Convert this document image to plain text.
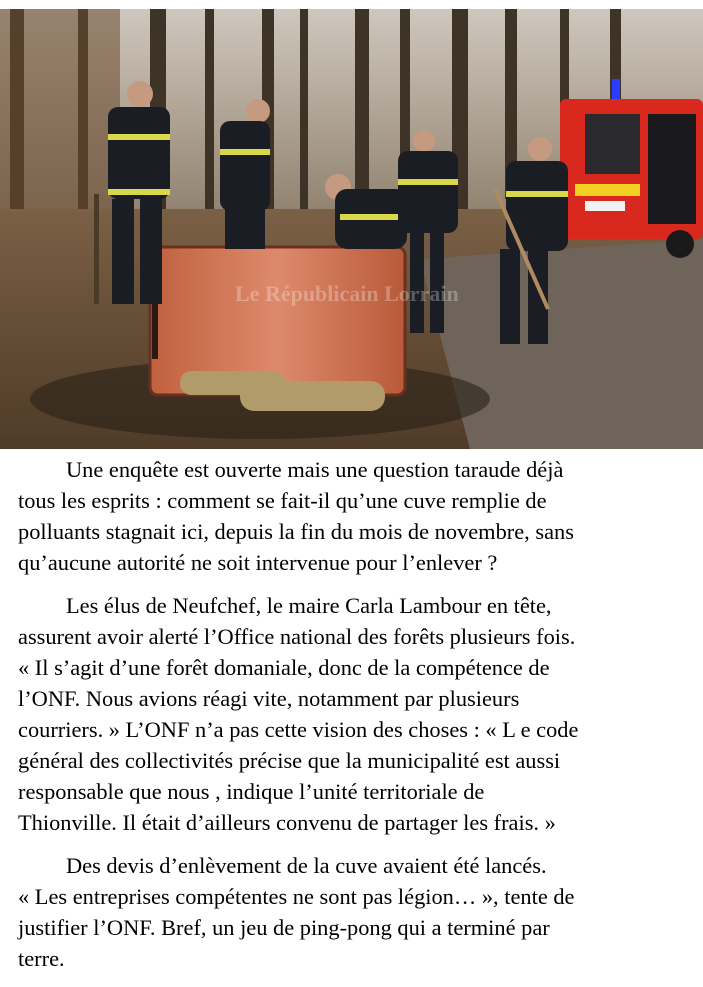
Le Républicain Lorrain

Une enquête est ouverte mais une question taraude déjà
tous les esprits : comment se fait-il qu’une cuve remplie de
polluants stagnait ici, depuis la fin du mois de novembre, sans
qu’aucune autorité ne soit intervenue pour l’enlever ?

Les élus de Neufchef, le maire Carla Lambour en tête,
assurent avoir alerté l’Office national des forêts plusieurs fois.
« Il s’agit d’une forêt domaniale, donc de la compétence de
l’ONF. Nous avions réagi vite, notamment par plusieurs
courriers. » L’ONF n’a pas cette vision des choses : « L e code
général des collectivités précise que la municipalité est aussi
responsable que nous , indique l’unité territoriale de
Thionville. Il était d’ailleurs convenu de partager les frais. »

Des devis d’enlèvement de la cuve avaient été lancés.
« Les entreprises compétentes ne sont pas légion… », tente de
justifier l’ONF. Bref, un jeu de ping-pong qui a terminé par
terre.
